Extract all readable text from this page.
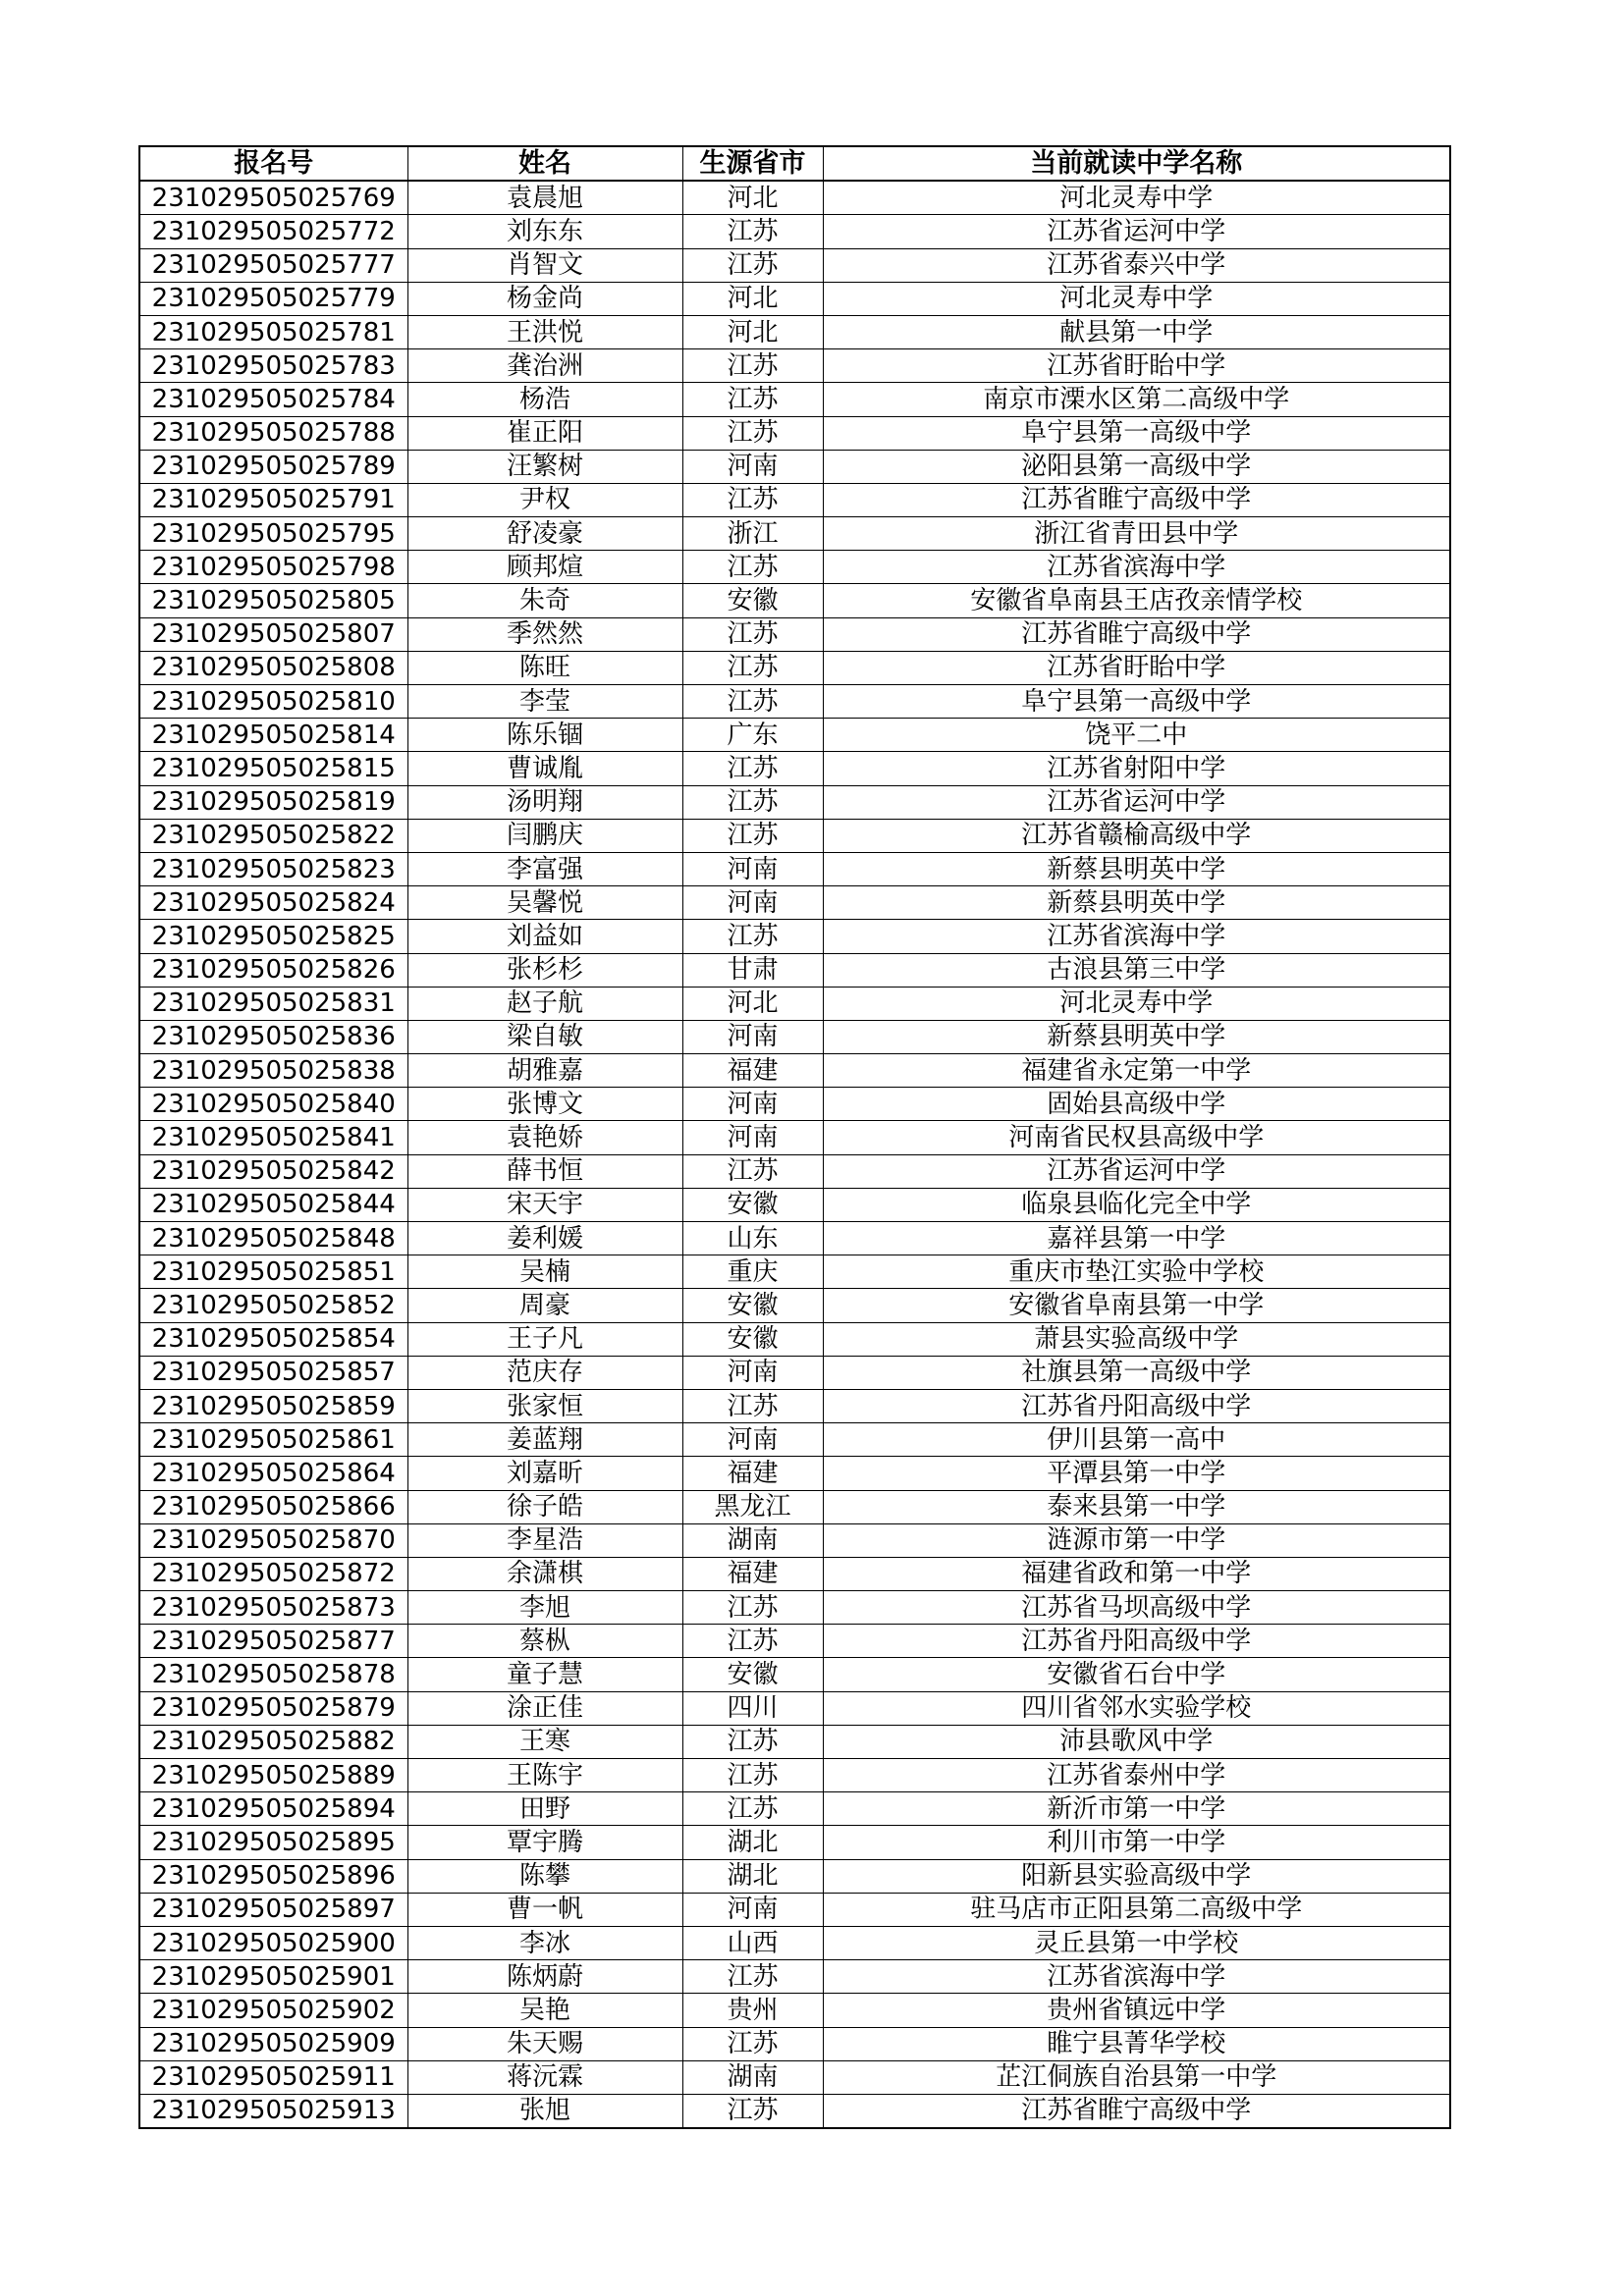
报名号	姓名	生源省市	当前就读中学名称
231029505025769	袁晨旭	河北	河北灵寿中学
231029505025772	刘东东	江苏	江苏省运河中学
231029505025777	肖智文	江苏	江苏省泰兴中学
231029505025779	杨金尚	河北	河北灵寿中学
231029505025781	王洪悦	河北	献县第一中学
231029505025783	龚治洲	江苏	江苏省盱眙中学
231029505025784	杨浩	江苏	南京市溧水区第二高级中学
231029505025788	崔正阳	江苏	阜宁县第一高级中学
231029505025789	汪繁树	河南	泌阳县第一高级中学
231029505025791	尹权	江苏	江苏省睢宁高级中学
231029505025795	舒凌豪	浙江	浙江省青田县中学
231029505025798	顾邦煊	江苏	江苏省滨海中学
231029505025805	朱奇	安徽	安徽省阜南县王店孜亲情学校
231029505025807	季然然	江苏	江苏省睢宁高级中学
231029505025808	陈旺	江苏	江苏省盱眙中学
231029505025810	李莹	江苏	阜宁县第一高级中学
231029505025814	陈乐锢	广东	饶平二中
231029505025815	曹诚胤	江苏	江苏省射阳中学
231029505025819	汤明翔	江苏	江苏省运河中学
231029505025822	闫鹏庆	江苏	江苏省赣榆高级中学
231029505025823	李富强	河南	新蔡县明英中学
231029505025824	吴馨悦	河南	新蔡县明英中学
231029505025825	刘益如	江苏	江苏省滨海中学
231029505025826	张杉杉	甘肃	古浪县第三中学
231029505025831	赵子航	河北	河北灵寿中学
231029505025836	梁自敏	河南	新蔡县明英中学
231029505025838	胡雅嘉	福建	福建省永定第一中学
231029505025840	张博文	河南	固始县高级中学
231029505025841	袁艳娇	河南	河南省民权县高级中学
231029505025842	薛书恒	江苏	江苏省运河中学
231029505025844	宋天宇	安徽	临泉县临化完全中学
231029505025848	姜利媛	山东	嘉祥县第一中学
231029505025851	吴楠	重庆	重庆市垫江实验中学校
231029505025852	周豪	安徽	安徽省阜南县第一中学
231029505025854	王子凡	安徽	萧县实验高级中学
231029505025857	范庆存	河南	社旗县第一高级中学
231029505025859	张家恒	江苏	江苏省丹阳高级中学
231029505025861	姜蓝翔	河南	伊川县第一高中
231029505025864	刘嘉昕	福建	平潭县第一中学
231029505025866	徐子皓	黑龙江	泰来县第一中学
231029505025870	李星浩	湖南	涟源市第一中学
231029505025872	余潇棋	福建	福建省政和第一中学
231029505025873	李旭	江苏	江苏省马坝高级中学
231029505025877	蔡枞	江苏	江苏省丹阳高级中学
231029505025878	童子慧	安徽	安徽省石台中学
231029505025879	涂正佳	四川	四川省邻水实验学校
231029505025882	王寒	江苏	沛县歌风中学
231029505025889	王陈宇	江苏	江苏省泰州中学
231029505025894	田野	江苏	新沂市第一中学
231029505025895	覃宇腾	湖北	利川市第一中学
231029505025896	陈攀	湖北	阳新县实验高级中学
231029505025897	曹一帆	河南	驻马店市正阳县第二高级中学
231029505025900	李冰	山西	灵丘县第一中学校
231029505025901	陈炳蔚	江苏	江苏省滨海中学
231029505025902	吴艳	贵州	贵州省镇远中学
231029505025909	朱天赐	江苏	睢宁县菁华学校
231029505025911	蒋沅霖	湖南	芷江侗族自治县第一中学
231029505025913	张旭	江苏	江苏省睢宁高级中学
